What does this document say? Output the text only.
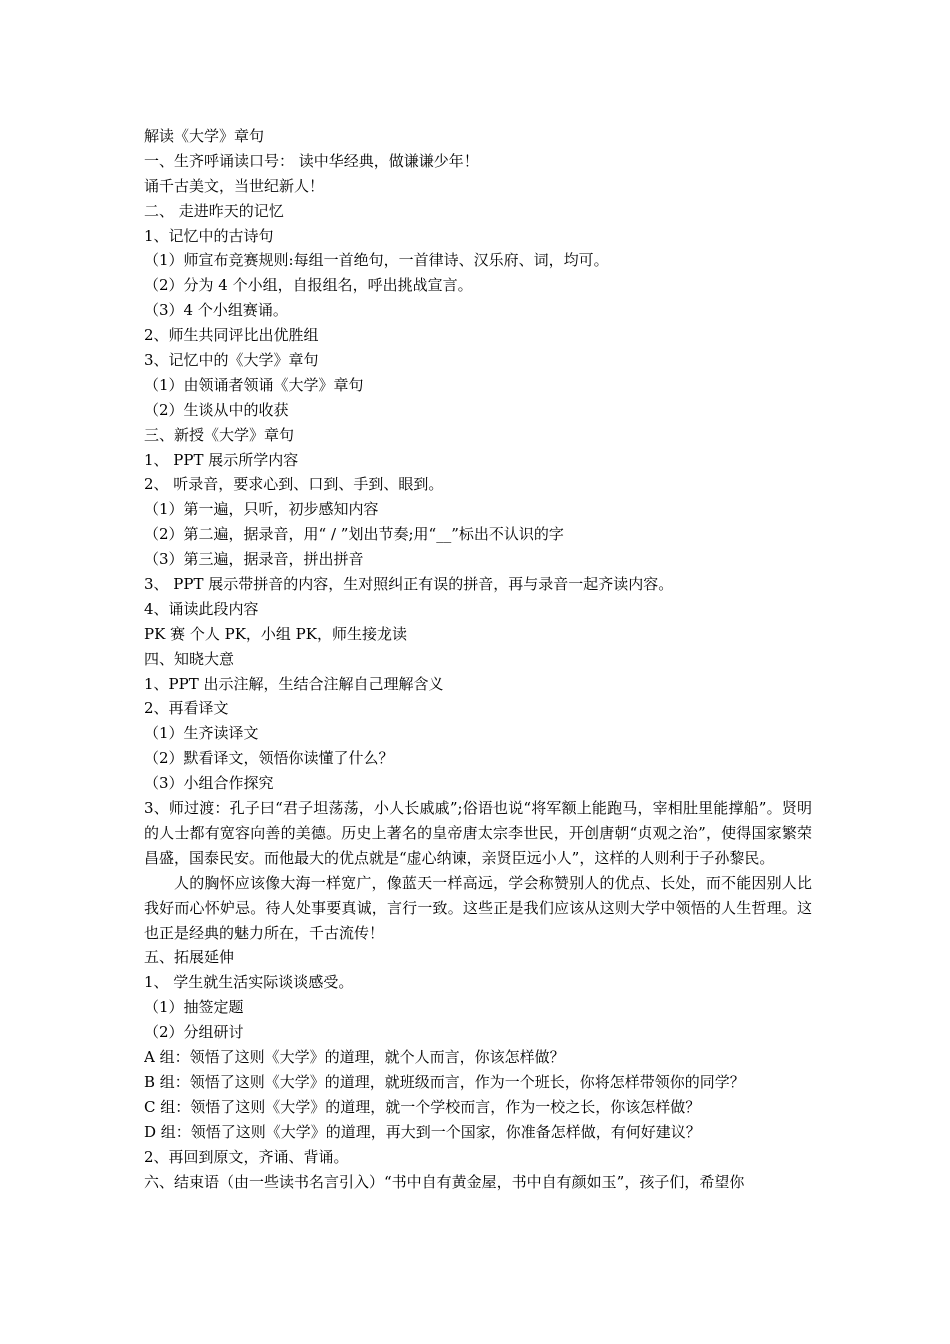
解读《大学》章句
一、生齐呼诵读口号： 读中华经典，做谦谦少年！
诵千古美文，当世纪新人！
二、 走进昨天的记忆
1、记忆中的古诗句
（1）师宣布竞赛规则:每组一首绝句，一首律诗、汉乐府、词，均可。
（2）分为 4 个小组，自报组名，呼出挑战宣言。
（3）4 个小组赛诵。
2、师生共同评比出优胜组
3、记忆中的《大学》章句
（1）由领诵者领诵《大学》章句
（2）生谈从中的收获
三、新授《大学》章句
1、 PPT 展示所学内容
2、 听录音，要求心到、口到、手到、眼到。
（1）第一遍，只听，初步感知内容
（2）第二遍，据录音，用“ / ”划出节奏;用“__”标出不认识的字
（3）第三遍，据录音，拼出拼音
3、 PPT 展示带拼音的内容，生对照纠正有误的拼音，再与录音一起齐读内容。
4、诵读此段内容
PK 赛 个人 PK，小组 PK，师生接龙读
四、知晓大意
1、PPT 出示注解，生结合注解自己理解含义
2、再看译文
（1）生齐读译文
（2）默看译文，领悟你读懂了什么？
（3）小组合作探究

3、师过渡：孔子曰“君子坦荡荡，小人长戚戚”;俗语也说“将军额上能跑马，宰相肚里能撑船”。贤明的人士都有宽容向善的美德。历史上著名的皇帝唐太宗李世民，开创唐朝“贞观之治”，使得国家繁荣昌盛，国泰民安。而他最大的优点就是“虚心纳谏，亲贤臣远小人”，这样的人则利于子孙黎民。

人的胸怀应该像大海一样宽广，像蓝天一样高远，学会称赞别人的优点、长处，而不能因别人比我好而心怀妒忌。待人处事要真诚，言行一致。这些正是我们应该从这则大学中领悟的人生哲理。这也正是经典的魅力所在，千古流传！

五、拓展延伸
1、 学生就生活实际谈谈感受。
（1）抽签定题
（2）分组研讨
A 组：领悟了这则《大学》的道理，就个人而言，你该怎样做？
B 组：领悟了这则《大学》的道理，就班级而言，作为一个班长，你将怎样带领你的同学？
C 组：领悟了这则《大学》的道理，就一个学校而言，作为一校之长，你该怎样做？
D 组：领悟了这则《大学》的道理，再大到一个国家，你准备怎样做，有何好建议？
2、再回到原文，齐诵、背诵。
六、结束语（由一些读书名言引入）“书中自有黄金屋，书中自有颜如玉”，孩子们，希望你
